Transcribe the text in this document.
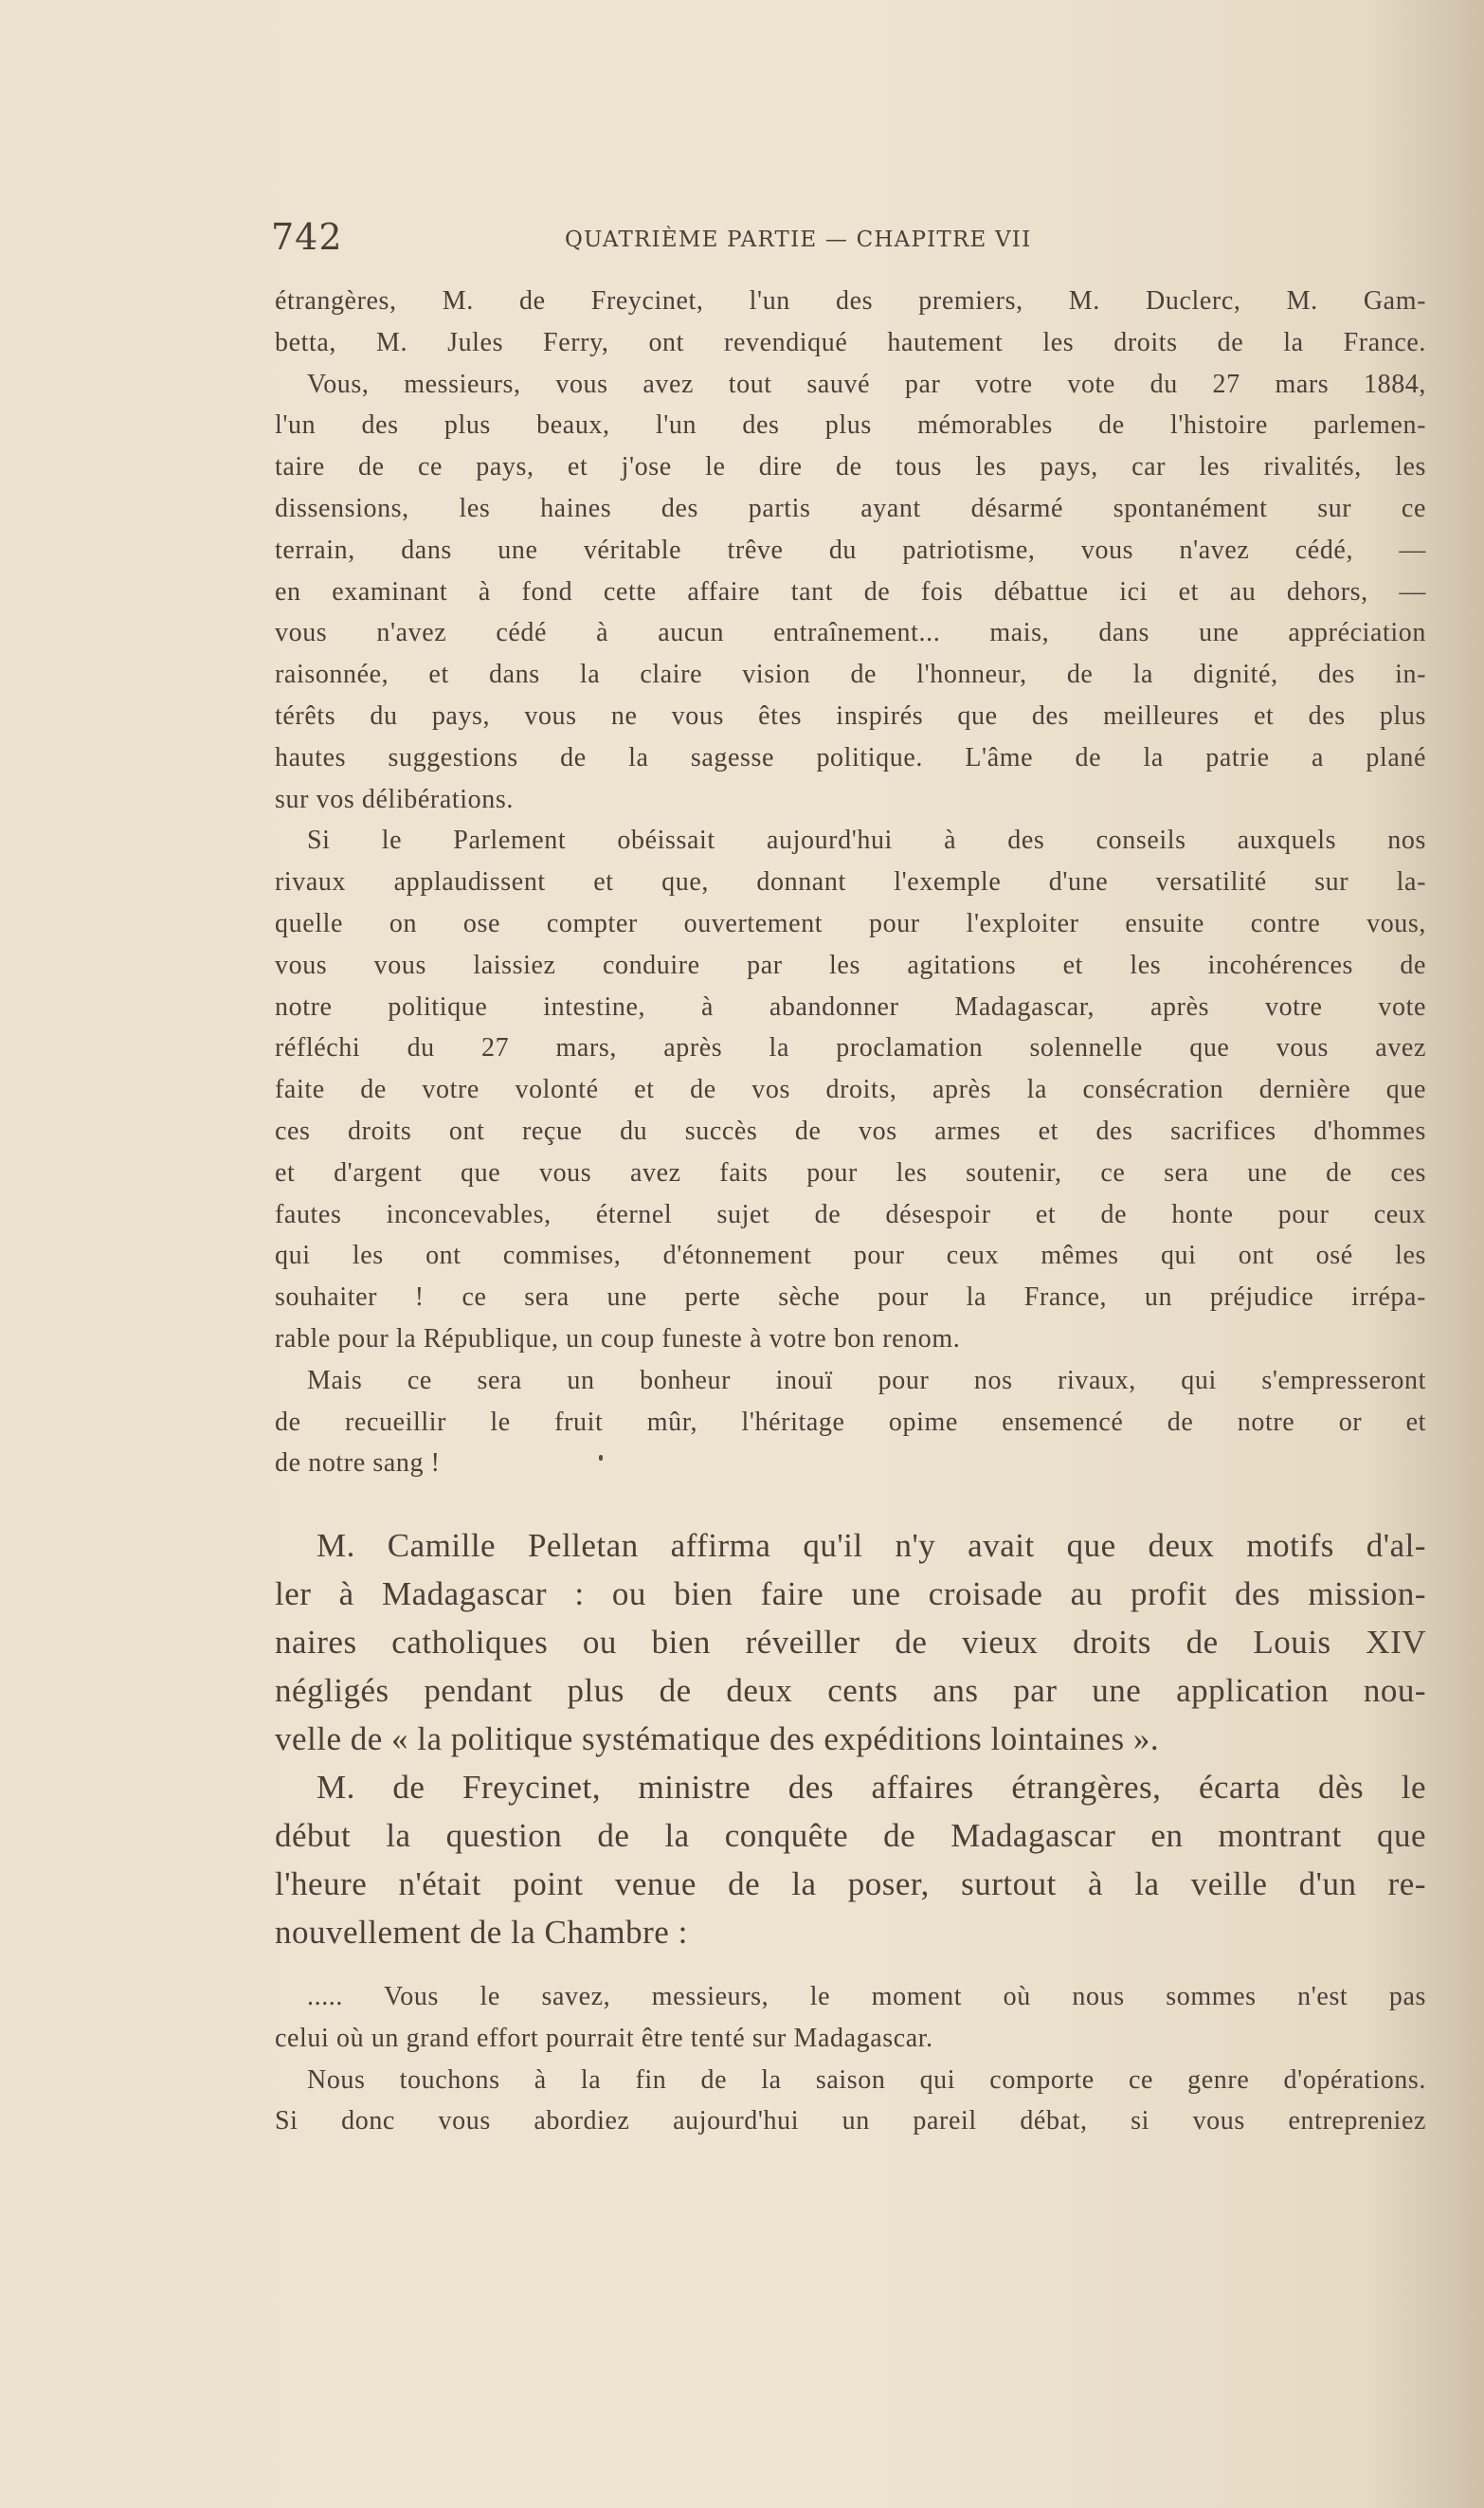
742	QUATRIÈME PARTIE — CHAPITRE VII
étrangères, M. de Freycinet, l'un des premiers, M. Duclerc, M. Gam-
betta, M. Jules Ferry, ont revendiqué hautement les droits de la France.
Vous, messieurs, vous avez tout sauvé par votre vote du 27 mars 1884,
l'un des plus beaux, l'un des plus mémorables de l'histoire parlemen-
taire de ce pays, et j'ose le dire de tous les pays, car les rivalités, les
dissensions, les haines des partis ayant désarmé spontanément sur ce
terrain, dans une véritable trêve du patriotisme, vous n'avez cédé, —
en examinant à fond cette affaire tant de fois débattue ici et au dehors, —
vous n'avez cédé à aucun entraînement... mais, dans une appréciation
raisonnée, et dans la claire vision de l'honneur, de la dignité, des in-
térêts du pays, vous ne vous êtes inspirés que des meilleures et des plus
hautes suggestions de la sagesse politique. L'âme de la patrie a plané
sur vos délibérations.
Si le Parlement obéissait aujourd'hui à des conseils auxquels nos
rivaux applaudissent et que, donnant l'exemple d'une versatilité sur la-
quelle on ose compter ouvertement pour l'exploiter ensuite contre vous,
vous vous laissiez conduire par les agitations et les incohérences de
notre politique intestine, à abandonner Madagascar, après votre vote
réfléchi du 27 mars, après la proclamation solennelle que vous avez
faite de votre volonté et de vos droits, après la consécration dernière que
ces droits ont reçue du succès de vos armes et des sacrifices d'hommes
et d'argent que vous avez faits pour les soutenir, ce sera une de ces
fautes inconcevables, éternel sujet de désespoir et de honte pour ceux
qui les ont commises, d'étonnement pour ceux mêmes qui ont osé les
souhaiter ! ce sera une perte sèche pour la France, un préjudice irrépa-
rable pour la République, un coup funeste à votre bon renom.
Mais ce sera un bonheur inouï pour nos rivaux, qui s'empresseront
de recueillir le fruit mûr, l'héritage opime ensemencé de notre or et
de notre sang !
M. Camille Pelletan affirma qu'il n'y avait que deux motifs d'al-
ler à Madagascar : ou bien faire une croisade au profit des mission-
naires catholiques ou bien réveiller de vieux droits de Louis XIV
négligés pendant plus de deux cents ans par une application nou-
velle de « la politique systématique des expéditions lointaines ».
M. de Freycinet, ministre des affaires étrangères, écarta dès le
début la question de la conquête de Madagascar en montrant que
l'heure n'était point venue de la poser, surtout à la veille d'un re-
nouvellement de la Chambre :
..... Vous le savez, messieurs, le moment où nous sommes n'est pas
celui où un grand effort pourrait être tenté sur Madagascar.
Nous touchons à la fin de la saison qui comporte ce genre d'opérations.
Si donc vous abordiez aujourd'hui un pareil débat, si vous entrepreniez
